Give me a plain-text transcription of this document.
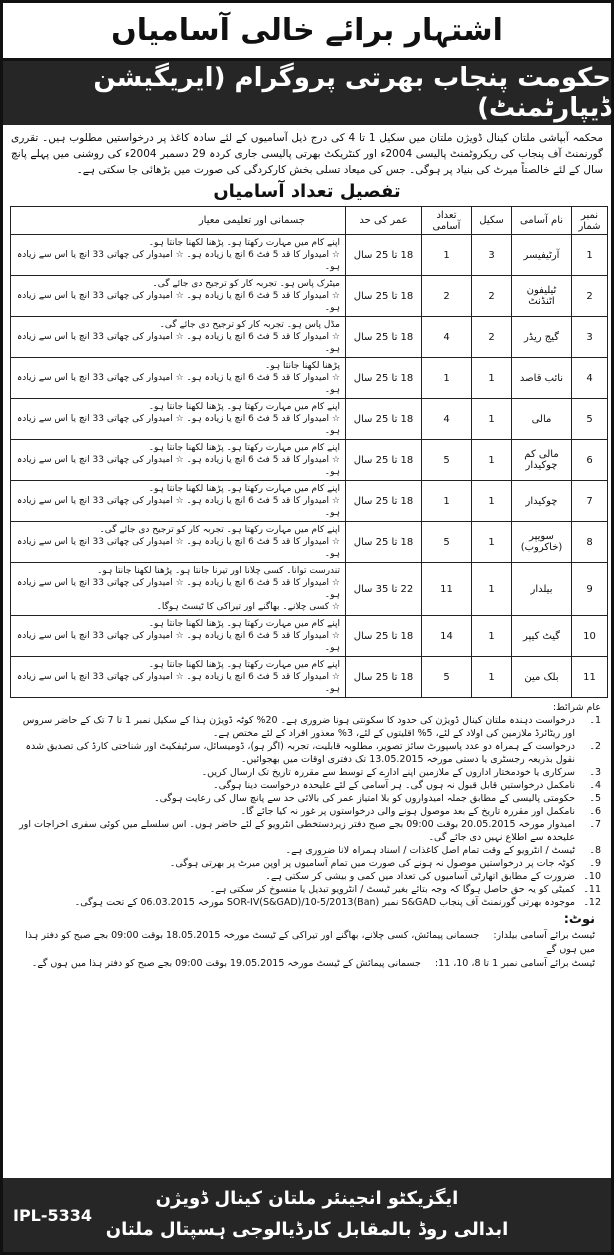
اشتہار برائے خالی آسامیاں
حکومت پنجاب بھرتی پروگرام (ایریگیشن ڈیپارٹمنٹ)

محکمہ آبپاشی ملتان کینال ڈویژن ملتان میں سکیل 1 تا 4 کی درج ذیل آسامیوں کے لئے سادہ کاغذ پر درخواستیں مطلوب ہیں۔ تقرری گورنمنٹ آف پنجاب کی ریکروٹمنٹ پالیسی 2004ء اور کنٹریکٹ بھرتی پالیسی جاری کردہ 29 دسمبر 2004ء کی روشنی میں پہلے پانچ سال کے لئے خالصتاً میرٹ کی بنیاد پر ہوگی۔ جس کی میعاد تسلی بخش کارکردگی کی صورت میں بڑھائی جا سکتی ہے۔

تفصیل تعداد آسامیاں
نمبر شمار	نام آسامی	سکیل	تعداد آسامی	عمر کی حد	جسمانی اور تعلیمی معیار
1	آرٹیفیسر	3	1	18 تا 25 سال	اپنے کام میں مہارت رکھتا ہو۔ پڑھنا لکھنا جانتا ہو۔
☆ امیدوار کا قد 5 فٹ 6 انچ یا زیادہ ہو۔ ☆ امیدوار کی چھاتی 33 انچ یا اس سے زیادہ ہو۔

2	ٹیلیفون اٹنڈنٹ	2	2	18 تا 25 سال	میٹرک پاس ہو۔ تجربہ کار کو ترجیح دی جائے گی۔
☆ امیدوار کا قد 5 فٹ 6 انچ یا زیادہ ہو۔ ☆ امیدوار کی چھاتی 33 انچ یا اس سے زیادہ ہو۔

3	گیج ریڈر	2	4	18 تا 25 سال	مڈل پاس ہو۔ تجربہ کار کو ترجیح دی جائے گی۔
☆ امیدوار کا قد 5 فٹ 6 انچ یا زیادہ ہو۔ ☆ امیدوار کی چھاتی 33 انچ یا اس سے زیادہ ہو۔

4	نائب قاصد	1	1	18 تا 25 سال	پڑھنا لکھنا جانتا ہو۔
☆ امیدوار کا قد 5 فٹ 6 انچ یا زیادہ ہو۔ ☆ امیدوار کی چھاتی 33 انچ یا اس سے زیادہ ہو۔

5	مالی	1	4	18 تا 25 سال	اپنے کام میں مہارت رکھتا ہو۔ پڑھنا لکھنا جانتا ہو۔
☆ امیدوار کا قد 5 فٹ 6 انچ یا زیادہ ہو۔ ☆ امیدوار کی چھاتی 33 انچ یا اس سے زیادہ ہو۔

6	مالی کم چوکیدار	1	5	18 تا 25 سال	اپنے کام میں مہارت رکھتا ہو۔ پڑھنا لکھنا جانتا ہو۔
☆ امیدوار کا قد 5 فٹ 6 انچ یا زیادہ ہو۔ ☆ امیدوار کی چھاتی 33 انچ یا اس سے زیادہ ہو۔

7	چوکیدار	1	1	18 تا 25 سال	اپنے کام میں مہارت رکھتا ہو۔ پڑھنا لکھنا جانتا ہو۔
☆ امیدوار کا قد 5 فٹ 6 انچ یا زیادہ ہو۔ ☆ امیدوار کی چھاتی 33 انچ یا اس سے زیادہ ہو۔

8	سویپر (خاکروب)	1	5	18 تا 25 سال	اپنے کام میں مہارت رکھتا ہو۔ تجربہ کار کو ترجیح دی جائے گی۔
☆ امیدوار کا قد 5 فٹ 6 انچ یا زیادہ ہو۔ ☆ امیدوار کی چھاتی 33 انچ یا اس سے زیادہ ہو۔

9	بیلدار	1	11	22 تا 35 سال	تندرست توانا۔ کسی چلانا اور تیرنا جانتا ہو۔ پڑھنا لکھنا جانتا ہو۔
☆ امیدوار کا قد 5 فٹ 6 انچ یا زیادہ ہو۔ ☆ امیدوار کی چھاتی 33 انچ یا اس سے زیادہ ہو۔
☆ کسی چلانے۔ بھاگنے اور تیراکی کا ٹیسٹ ہوگا۔

10	گیٹ کیپر	1	14	18 تا 25 سال	اپنے کام میں مہارت رکھتا ہو۔ پڑھنا لکھنا جانتا ہو۔
☆ امیدوار کا قد 5 فٹ 6 انچ یا زیادہ ہو۔ ☆ امیدوار کی چھاتی 33 انچ یا اس سے زیادہ ہو۔

11	بلک مین	1	5	18 تا 25 سال	اپنے کام میں مہارت رکھتا ہو۔ پڑھنا لکھنا جانتا ہو۔
☆ امیدوار کا قد 5 فٹ 6 انچ یا زیادہ ہو۔ ☆ امیدوار کی چھاتی 33 انچ یا اس سے زیادہ ہو۔
عام شرائط:
1۔
درخواست دہندہ ملتان کینال ڈویژن کی حدود کا سکونتی ہونا ضروری ہے۔ 20% کوٹہ ڈویژن ہذا کے سکیل نمبر 1 تا 7 تک کے حاضر سروس اور ریٹائرڈ ملازمین کی اولاد کے لئے، 5% اقلیتوں کے لئے، 3% معذور افراد کے لئے مختص ہے۔
2۔
درخواست کے ہمراہ دو عدد پاسپورٹ سائز تصویر، مطلوبہ قابلیت، تجربہ (اگر ہو)، ڈومیسائل، سرٹیفکیٹ اور شناختی کارڈ کی تصدیق شدہ نقول بذریعہ رجسٹری یا دستی مورخہ 13.05.2015 تک دفتری اوقات میں بھجوائیں۔
3۔
سرکاری یا خودمختار اداروں کے ملازمین اپنے ادارے کے توسط سے مقررہ تاریخ تک ارسال کریں۔
4۔
نامکمل درخواستیں قابل قبول نہ ہوں گی۔ ہر آسامی کے لئے علیحدہ درخواست دینا ہوگی۔
5۔
حکومتی پالیسی کے مطابق جملہ امیدواروں کو بلا امتیاز عمر کی بالائی حد سے پانچ سال کی رعایت ہوگی۔
6۔
نامکمل اور مقررہ تاریخ کے بعد موصول ہونے والی درخواستوں پر غور نہ کیا جائے گا۔
7۔
امیدوار مورخہ 20.05.2015 بوقت 09:00 بجے صبح دفتر زیردستخطی انٹرویو کے لئے حاضر ہوں۔ اس سلسلے میں کوئی سفری اخراجات اور علیحدہ سے اطلاع نہیں دی جائے گی۔
8۔
ٹیسٹ / انٹرویو کے وقت تمام اصل کاغذات / اسناد ہمراہ لانا ضروری ہے۔
9۔
کوٹہ جات پر درخواستیں موصول نہ ہونے کی صورت میں تمام آسامیوں پر اوپن میرٹ پر بھرتی ہوگی۔
10۔
ضرورت کے مطابق اتھارٹی آسامیوں کی تعداد میں کمی و بیشی کر سکتی ہے۔
11۔
کمیٹی کو یہ حق حاصل ہوگا کہ وجہ بتائے بغیر ٹیسٹ / انٹرویو تبدیل یا منسوخ کر سکتی ہے۔
12۔
موجودہ بھرتی گورنمنٹ آف پنجاب S&GAD نمبر SOR-IV(S&GAD)/10-5/2013(Ban) مورخہ 06.03.2015 کے تحت ہوگی۔
نوٹ:
ٹیسٹ برائے آسامی بیلدار:جسمانی پیمائش، کسی چلانے، بھاگنے اور تیراکی کے ٹیسٹ مورخہ 18.05.2015 بوقت 09:00 بجے صبح کو دفتر ہذا میں ہوں گے
ٹیسٹ برائے آسامی نمبر 1 تا 8، 10، 11:جسمانی پیمائش کے ٹیسٹ مورخہ 19.05.2015 بوقت 09:00 بجے صبح کو دفتر ہذا میں ہوں گے۔
ایگزیکٹو انجینئر ملتان کینال ڈویژن
ابدالی روڈ بالمقابل کارڈیالوجی ہسپتال ملتان
IPL-5334
